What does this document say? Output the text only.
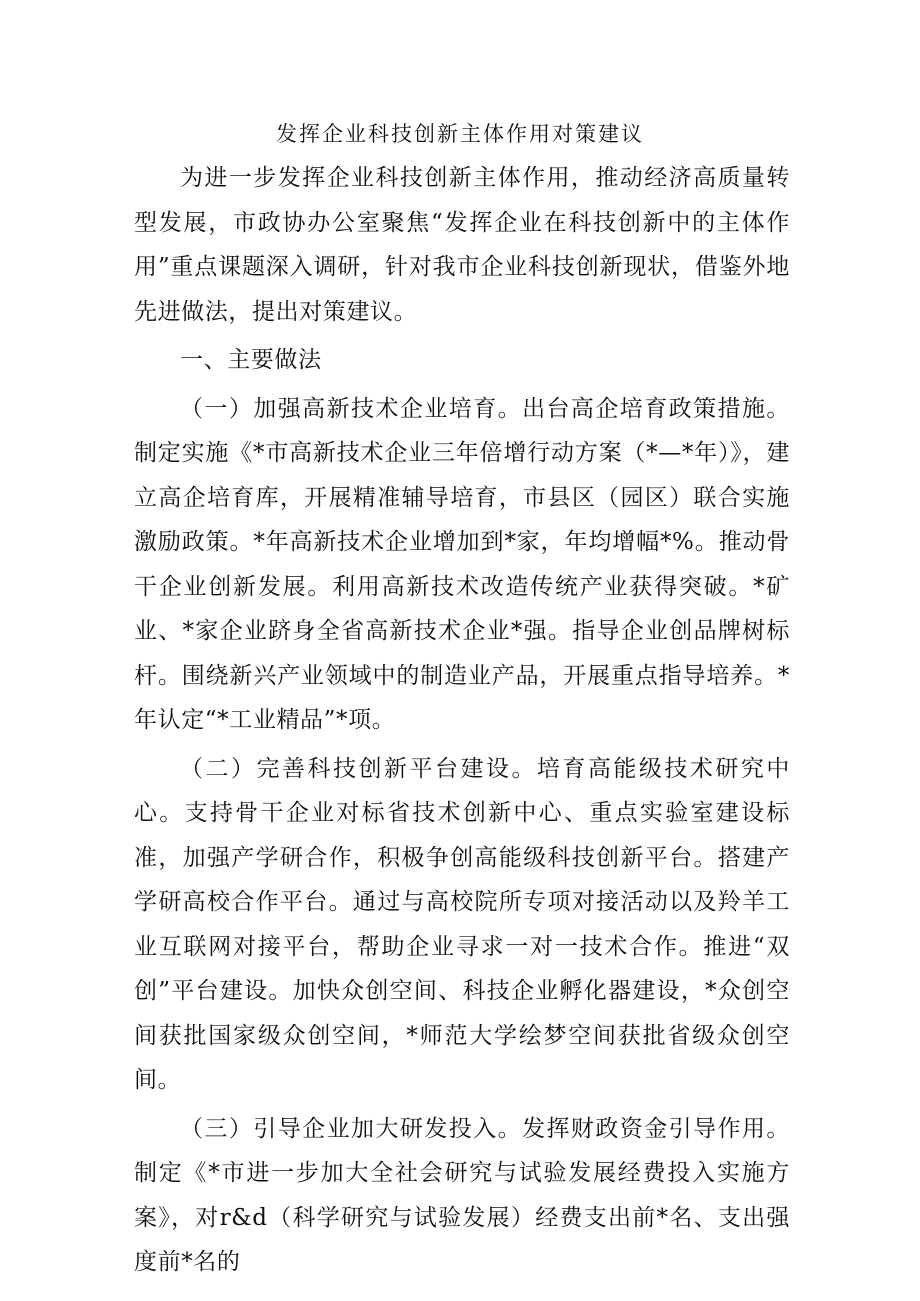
发挥企业科技创新主体作用对策建议

为进一步发挥企业科技创新主体作用，推动经济高质量转型发展，市政协办公室聚焦“发挥企业在科技创新中的主体作用”重点课题深入调研，针对我市企业科技创新现状，借鉴外地先进做法，提出对策建议。

一、主要做法

（一）加强高新技术企业培育。出台高企培育政策措施。制定实施《*市高新技术企业三年倍增行动方案（*—*年）》，建立高企培育库，开展精准辅导培育，市县区（园区）联合实施激励政策。*年高新技术企业增加到*家，年均增幅*%。推动骨干企业创新发展。利用高新技术改造传统产业获得突破。*矿业、*家企业跻身全省高新技术企业*强。指导企业创品牌树标杆。围绕新兴产业领域中的制造业产品，开展重点指导培养。*年认定“*工业精品”*项。

（二）完善科技创新平台建设。培育高能级技术研究中心。支持骨干企业对标省技术创新中心、重点实验室建设标准，加强产学研合作，积极争创高能级科技创新平台。搭建产学研高校合作平台。通过与高校院所专项对接活动以及羚羊工业互联网对接平台，帮助企业寻求一对一技术合作。推进“双创”平台建设。加快众创空间、科技企业孵化器建设，*众创空间获批国家级众创空间，*师范大学绘梦空间获批省级众创空间。

（三）引导企业加大研发投入。发挥财政资金引导作用。制定《*市进一步加大全社会研究与试验发展经费投入实施方案》，对r&d（科学研究与试验发展）经费支出前*名、支出强度前*名的
